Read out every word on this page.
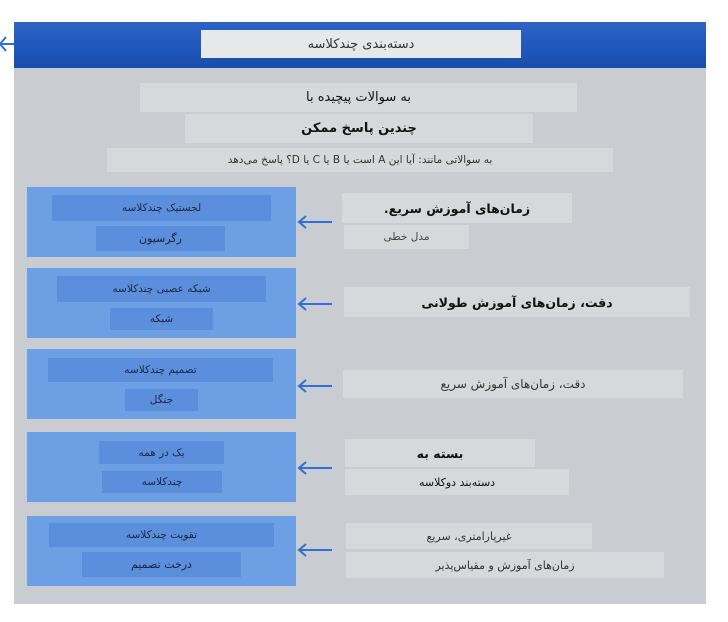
دسته‌بندی چندکلاسه
به سوالات پیچیده با
چندین پاسخ ممکن
به سوالاتی مانند: آیا این A است یا B یا C یا D؟ پاسخ می‌دهد
لجستیک چندکلاسه
رگرسیون
زمان‌های آموزش سریع.
مدل خطی
شبکه عصبی چندکلاسه
شبکه
دقت، زمان‌های آموزش طولانی
تصمیم چندکلاسه
جنگل
دقت، زمان‌های آموزش سریع
یک در همه
چندکلاسه
بسته به
دسته‌بند دوکلاسه
تقویت چندکلاسه
درخت تصمیم
غیرپارامتری، سریع
زمان‌های آموزش و مقیاس‌پذیر
